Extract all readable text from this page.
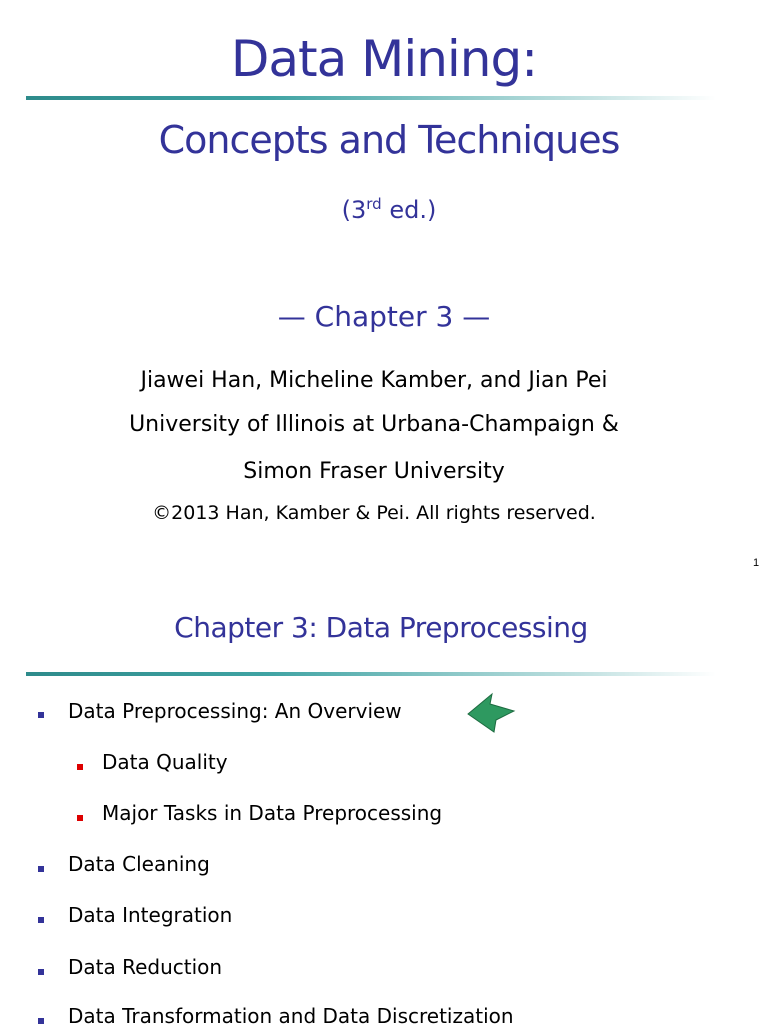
Data Mining:
Concepts and Techniques
(3rd ed.)
— Chapter 3 —
Jiawei Han, Micheline Kamber, and Jian Pei
University of Illinois at Urbana-Champaign &
Simon Fraser University
©2013 Han, Kamber & Pei. All rights reserved.
1
Chapter 3: Data Preprocessing
Data Preprocessing: An Overview
Data Quality
Major Tasks in Data Preprocessing
Data Cleaning
Data Integration
Data Reduction
Data Transformation and Data Discretization
